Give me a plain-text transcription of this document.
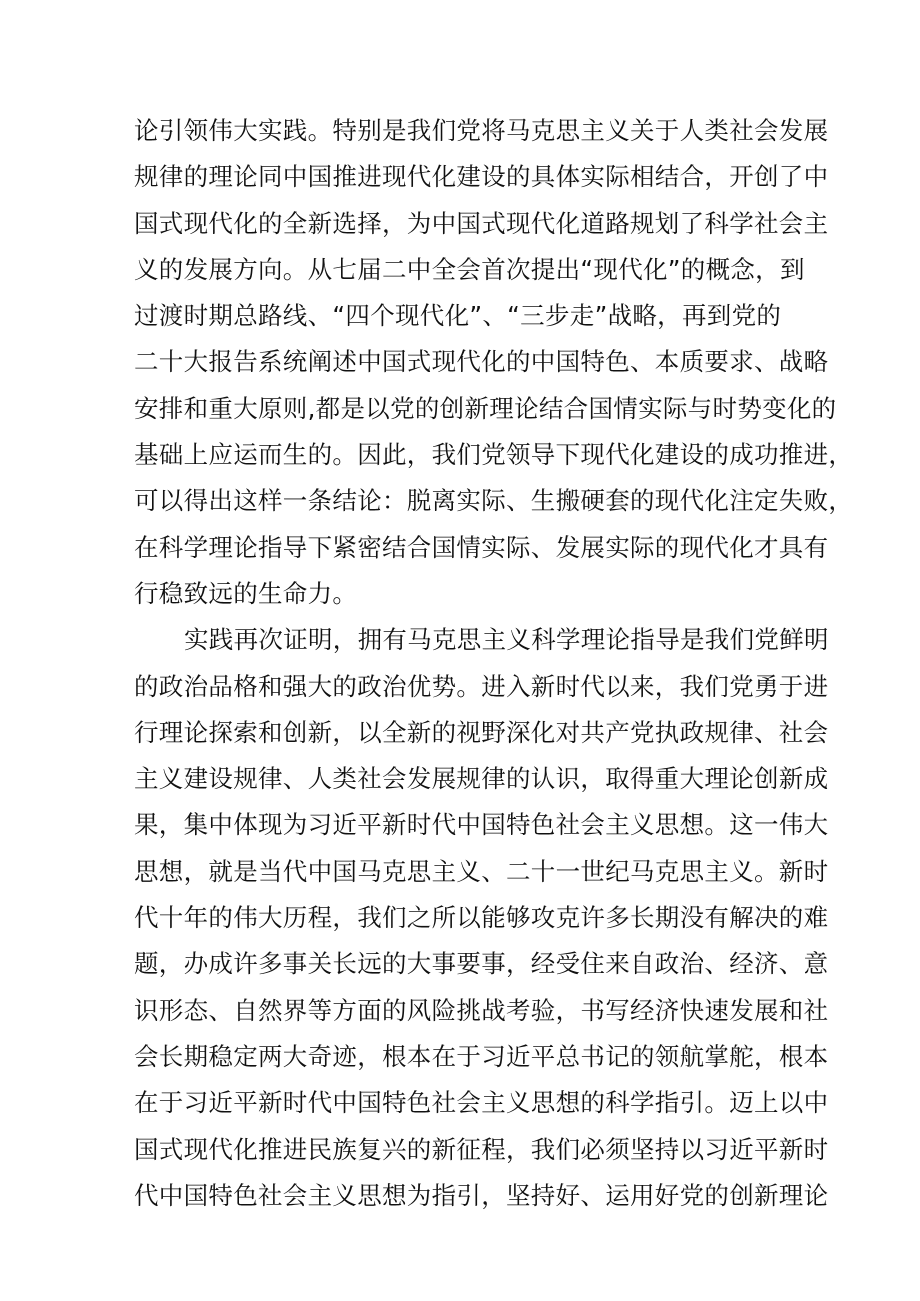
论引领伟大实践。特别是我们党将马克思主义关于人类社会发展
规律的理论同中国推进现代化建设的具体实际相结合，开创了中
国式现代化的全新选择，为中国式现代化道路规划了科学社会主
义的发展方向。从七届二中全会首次提出“现代化”的概念，到
过渡时期总路线、“四个现代化”、“三步走”战略，再到党的
二十大报告系统阐述中国式现代化的中国特色、本质要求、战略
安排和重大原则,都是以党的创新理论结合国情实际与时势变化的
基础上应运而生的。因此，我们党领导下现代化建设的成功推进，
可以得出这样一条结论：脱离实际、生搬硬套的现代化注定失败，
在科学理论指导下紧密结合国情实际、发展实际的现代化才具有
行稳致远的生命力。

实践再次证明，拥有马克思主义科学理论指导是我们党鲜明
的政治品格和强大的政治优势。进入新时代以来，我们党勇于进
行理论探索和创新，以全新的视野深化对共产党执政规律、社会
主义建设规律、人类社会发展规律的认识，取得重大理论创新成
果，集中体现为习近平新时代中国特色社会主义思想。这一伟大
思想，就是当代中国马克思主义、二十一世纪马克思主义。新时
代十年的伟大历程，我们之所以能够攻克许多长期没有解决的难
题，办成许多事关长远的大事要事，经受住来自政治、经济、意
识形态、自然界等方面的风险挑战考验，书写经济快速发展和社
会长期稳定两大奇迹，根本在于习近平总书记的领航掌舵，根本
在于习近平新时代中国特色社会主义思想的科学指引。迈上以中
国式现代化推进民族复兴的新征程，我们必须坚持以习近平新时
代中国特色社会主义思想为指引，坚持好、运用好党的创新理论
